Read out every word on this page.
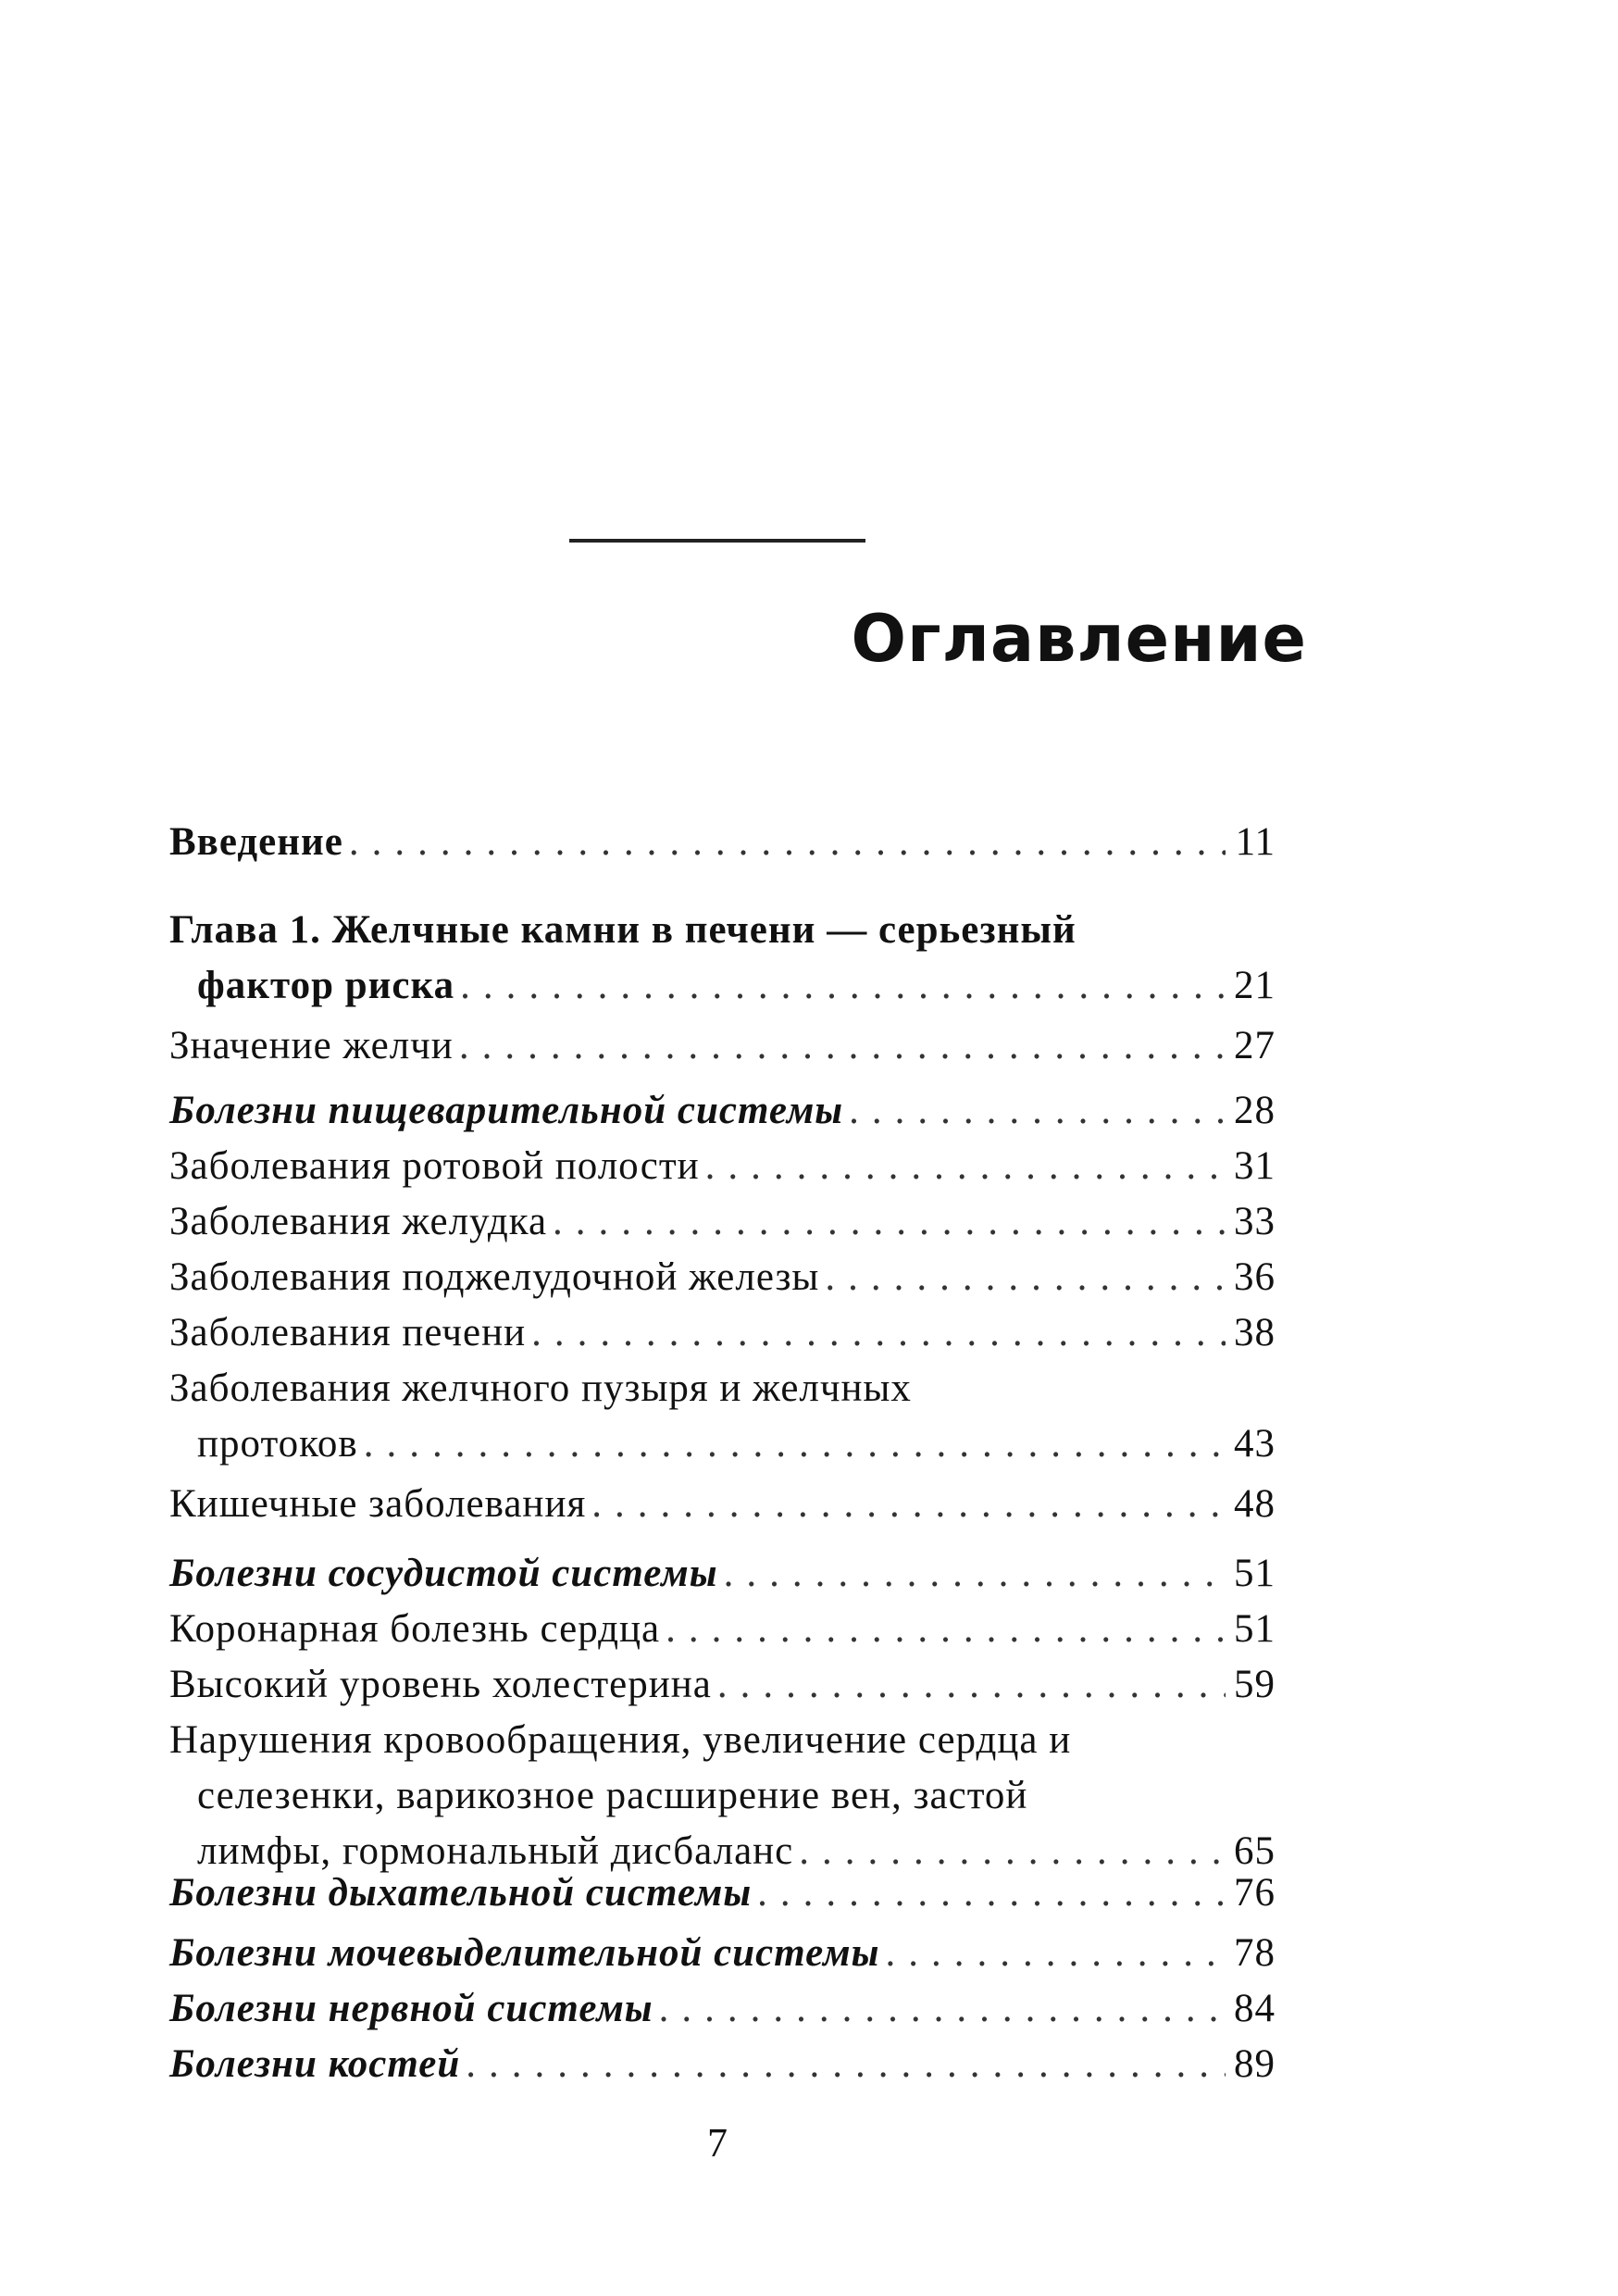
Оглавление
Введение .....	11
Глава 1. Желчные камни в печени — серьезный
фактор риска .....	21
Значение желчи .....	27
Болезни пищеварительной системы .....	28
Заболевания ротовой полости .....	31
Заболевания желудка .....	33
Заболевания поджелудочной железы .....	36
Заболевания печени .....	38
Заболевания желчного пузыря и желчных
протоков .....	43
Кишечные заболевания .....	48
Болезни сосудистой системы .....	51
Коронарная болезнь сердца .....	51
Высокий уровень холестерина .....	59
Нарушения кровообращения, увеличение сердца и
селезенки, варикозное расширение вен, застой
лимфы, гормональный дисбаланс .....	65
Болезни дыхательной системы .....	76
Болезни мочевыделительной системы .....	78
Болезни нервной системы .....	84
Болезни костей .....	89
7
